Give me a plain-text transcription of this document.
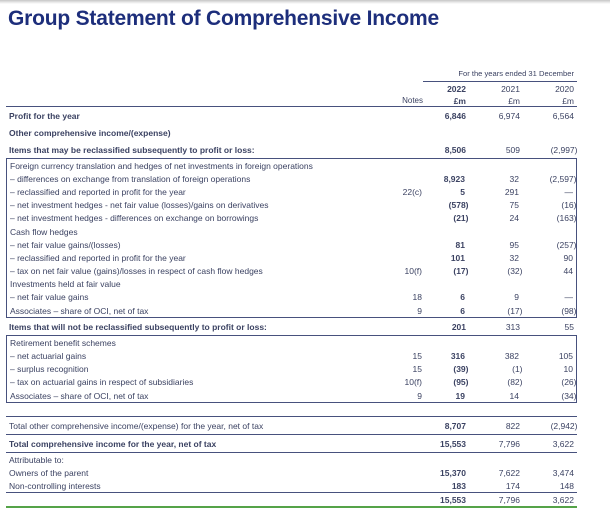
Group Statement of Comprehensive Income
For the years ended 31 December
2022	2021	2020
Notes	£m	£m	£m
Profit for the year	6,846	6,974	6,564
Other comprehensive income/(expense)
Items that may be reclassified subsequently to profit or loss:	8,506	509	(2,997)
Foreign currency translation and hedges of net investments in foreign operations
– differences on exchange from translation of foreign operations	8,923	32	(2,597)
– reclassified and reported in profit for the year	22(c)	5	291	—
– net investment hedges - net fair value (losses)/gains on derivatives	(578)	75	(16)
– net investment hedges - differences on exchange on borrowings	(21)	24	(163)
Cash flow hedges
– net fair value gains/(losses)	81	95	(257)
– reclassified and reported in profit for the year	101	32	90
– tax on net fair value (gains)/losses in respect of cash flow hedges	10(f)	(17)	(32)	44
Investments held at fair value
– net fair value gains	18	6	9	—
Associates – share of OCI, net of tax	9	6	(17)	(98)
Items that will not be reclassified subsequently to profit or loss:	201	313	55
Retirement benefit schemes
– net actuarial gains	15	316	382	105
– surplus recognition	15	(39)	(1)	10
– tax on actuarial gains in respect of subsidiaries	10(f)	(95)	(82)	(26)
Associates – share of OCI, net of tax	9	19	14	(34)
Total other comprehensive income/(expense) for the year, net of tax	8,707	822	(2,942)
Total comprehensive income for the year, net of tax	15,553	7,796	3,622
Attributable to:
Owners of the parent	15,370	7,622	3,474
Non-controlling interests	183	174	148
15,553	7,796	3,622
